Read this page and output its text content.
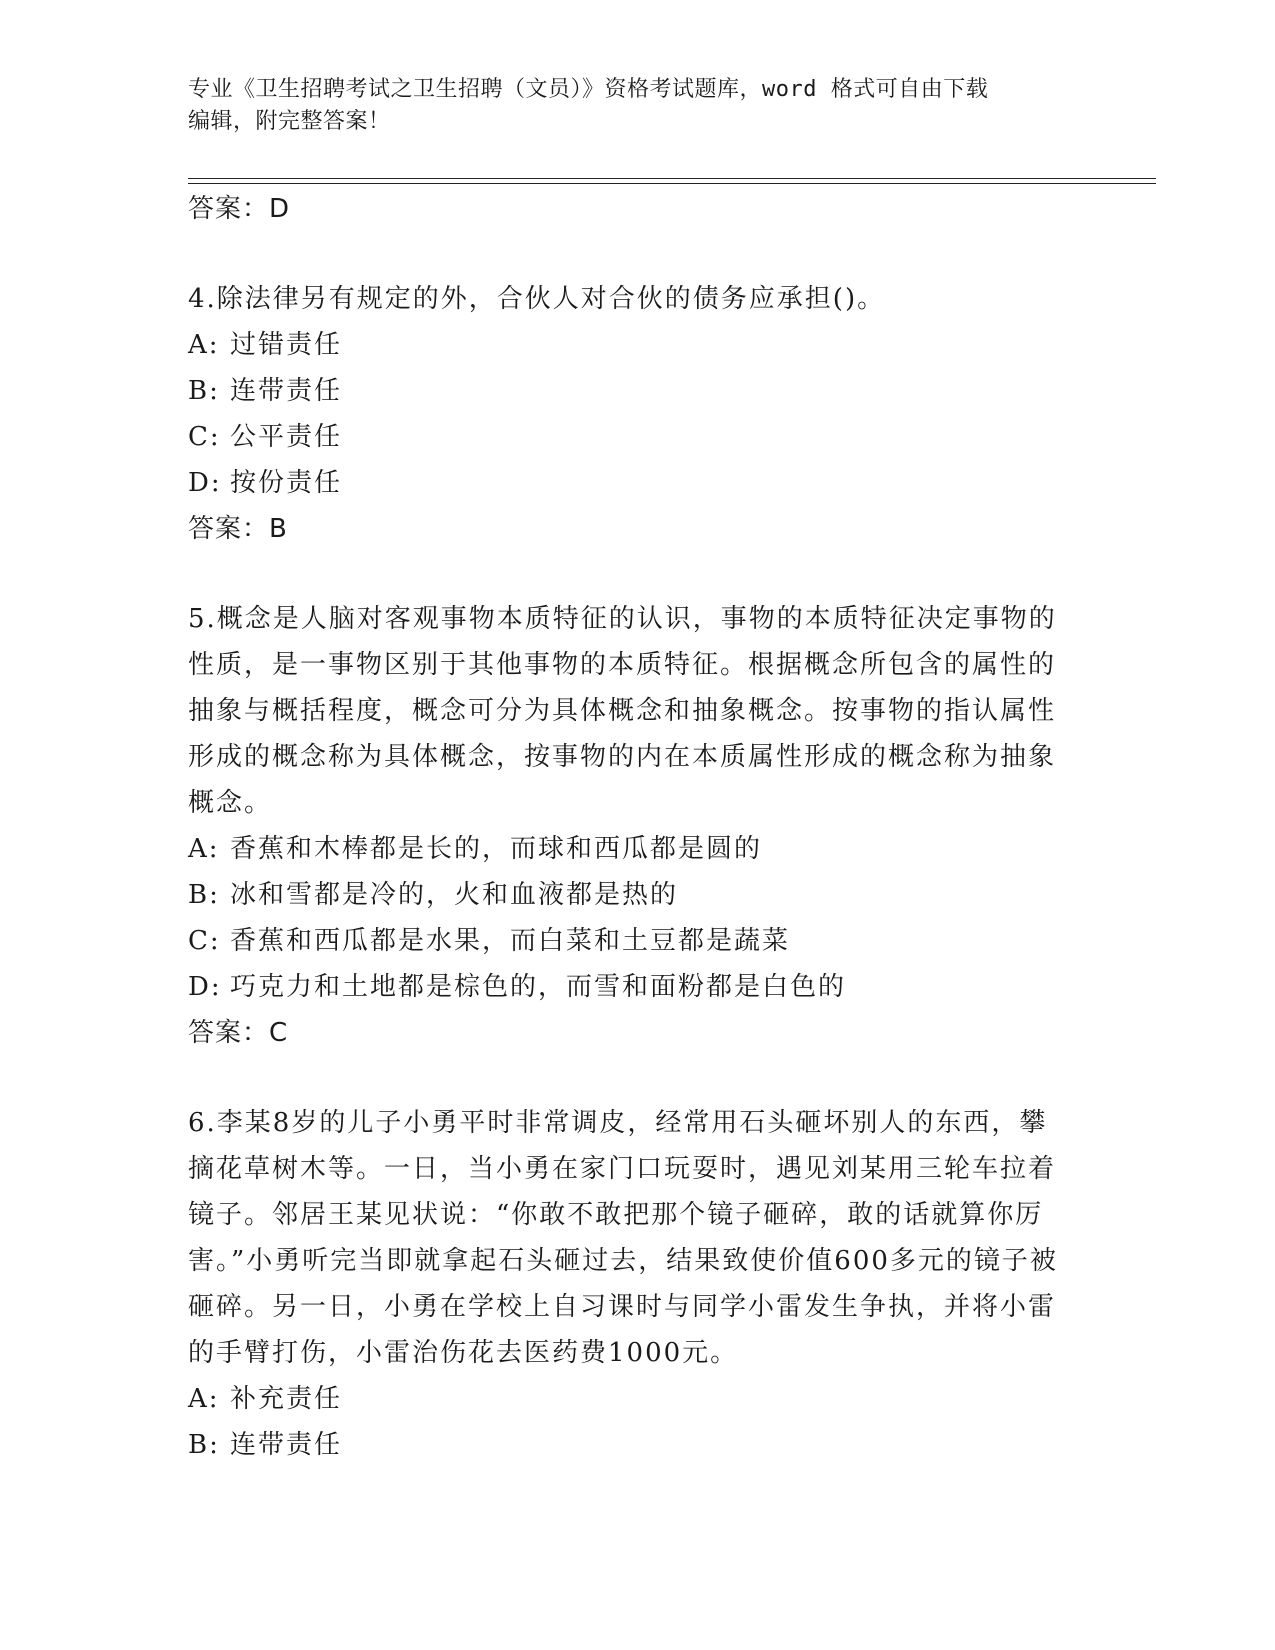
专业《卫生招聘考试之卫生招聘（文员）》资格考试题库，word 格式可自由下载
编辑，附完整答案！
答案：D
4.除法律另有规定的外，合伙人对合伙的债务应承担()。
A: 过错责任
B: 连带责任
C: 公平责任
D: 按份责任
答案：B
5.概念是人脑对客观事物本质特征的认识，事物的本质特征决定事物的性质，是一事物区别于其他事物的本质特征。根据概念所包含的属性的抽象与概括程度，概念可分为具体概念和抽象概念。按事物的指认属性形成的概念称为具体概念，按事物的内在本质属性形成的概念称为抽象概念。
A: 香蕉和木棒都是长的，而球和西瓜都是圆的
B: 冰和雪都是冷的，火和血液都是热的
C: 香蕉和西瓜都是水果，而白菜和土豆都是蔬菜
D: 巧克力和土地都是棕色的，而雪和面粉都是白色的
答案：C
6.李某8岁的儿子小勇平时非常调皮，经常用石头砸坏别人的东西，攀摘花草树木等。一日，当小勇在家门口玩耍时，遇见刘某用三轮车拉着镜子。邻居王某见状说：“你敢不敢把那个镜子砸碎，敢的话就算你厉害。”小勇听完当即就拿起石头砸过去，结果致使价值600多元的镜子被砸碎。另一日，小勇在学校上自习课时与同学小雷发生争执，并将小雷的手臂打伤，小雷治伤花去医药费1000元。
A: 补充责任
B: 连带责任
